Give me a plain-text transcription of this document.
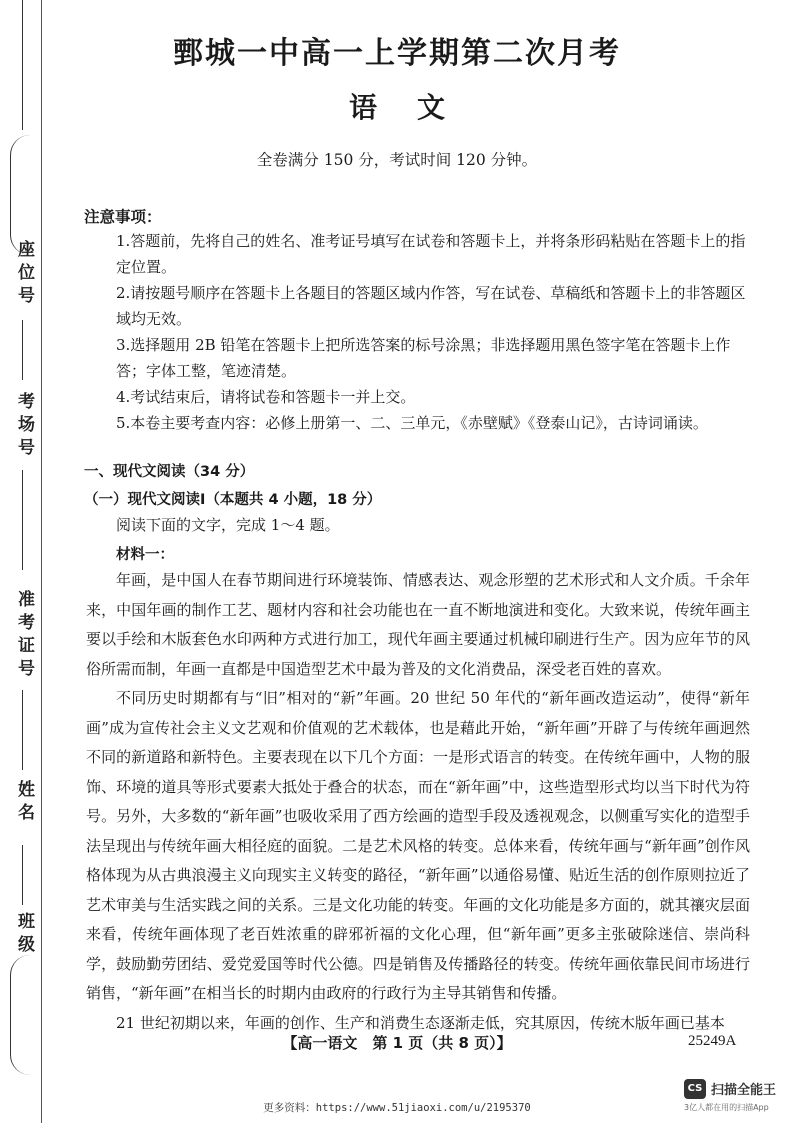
座位号
考场号
准考证号
姓名
班级
鄄城一中高一上学期第二次月考
语文
全卷满分 150 分，考试时间 120 分钟。
注意事项：
1.答题前，先将自己的姓名、准考证号填写在试卷和答题卡上，并将条形码粘贴在答题卡上的指定位置。
2.请按题号顺序在答题卡上各题目的答题区域内作答，写在试卷、草稿纸和答题卡上的非答题区域均无效。
3.选择题用 2B 铅笔在答题卡上把所选答案的标号涂黑；非选择题用黑色签字笔在答题卡上作答；字体工整，笔迹清楚。
4.考试结束后，请将试卷和答题卡一并上交。
5.本卷主要考查内容：必修上册第一、二、三单元，《赤壁赋》《登泰山记》，古诗词诵读。
一、现代文阅读（34 分）
（一）现代文阅读Ⅰ（本题共 4 小题，18 分）
阅读下面的文字，完成 1～4 题。
材料一：

年画，是中国人在春节期间进行环境装饰、情感表达、观念形塑的艺术形式和人文介质。千余年来，中国年画的制作工艺、题材内容和社会功能也在一直不断地演进和变化。大致来说，传统年画主要以手绘和木版套色水印两种方式进行加工，现代年画主要通过机械印刷进行生产。因为应年节的风俗所需而制，年画一直都是中国造型艺术中最为普及的文化消费品，深受老百姓的喜欢。

不同历史时期都有与“旧”相对的“新”年画。20 世纪 50 年代的“新年画改造运动”，使得“新年画”成为宣传社会主义文艺观和价值观的艺术载体，也是藉此开始，“新年画”开辟了与传统年画迥然不同的新道路和新特色。主要表现在以下几个方面：一是形式语言的转变。在传统年画中，人物的服饰、环境的道具等形式要素大抵处于叠合的状态，而在“新年画”中，这些造型形式均以当下时代为符号。另外，大多数的“新年画”也吸收采用了西方绘画的造型手段及透视观念，以侧重写实化的造型手法呈现出与传统年画大相径庭的面貌。二是艺术风格的转变。总体来看，传统年画与“新年画”创作风格体现为从古典浪漫主义向现实主义转变的路径，“新年画”以通俗易懂、贴近生活的创作原则拉近了艺术审美与生活实践之间的关系。三是文化功能的转变。年画的文化功能是多方面的，就其禳灾层面来看，传统年画体现了老百姓浓重的辟邪祈福的文化心理，但“新年画”更多主张破除迷信、崇尚科学，鼓励勤劳团结、爱党爱国等时代公德。四是销售及传播路径的转变。传统年画依靠民间市场进行销售，“新年画”在相当长的时期内由政府的行政行为主导其销售和传播。

21 世纪初期以来，年画的创作、生产和消费生态逐渐走低，究其原因，传统木版年画已基本

【高一语文　第 1 页（共 8 页）】	25249A
更多资料：https://www.51jiaoxi.com/u/2195370
CS 扫描全能王
3亿人都在用的扫描App
